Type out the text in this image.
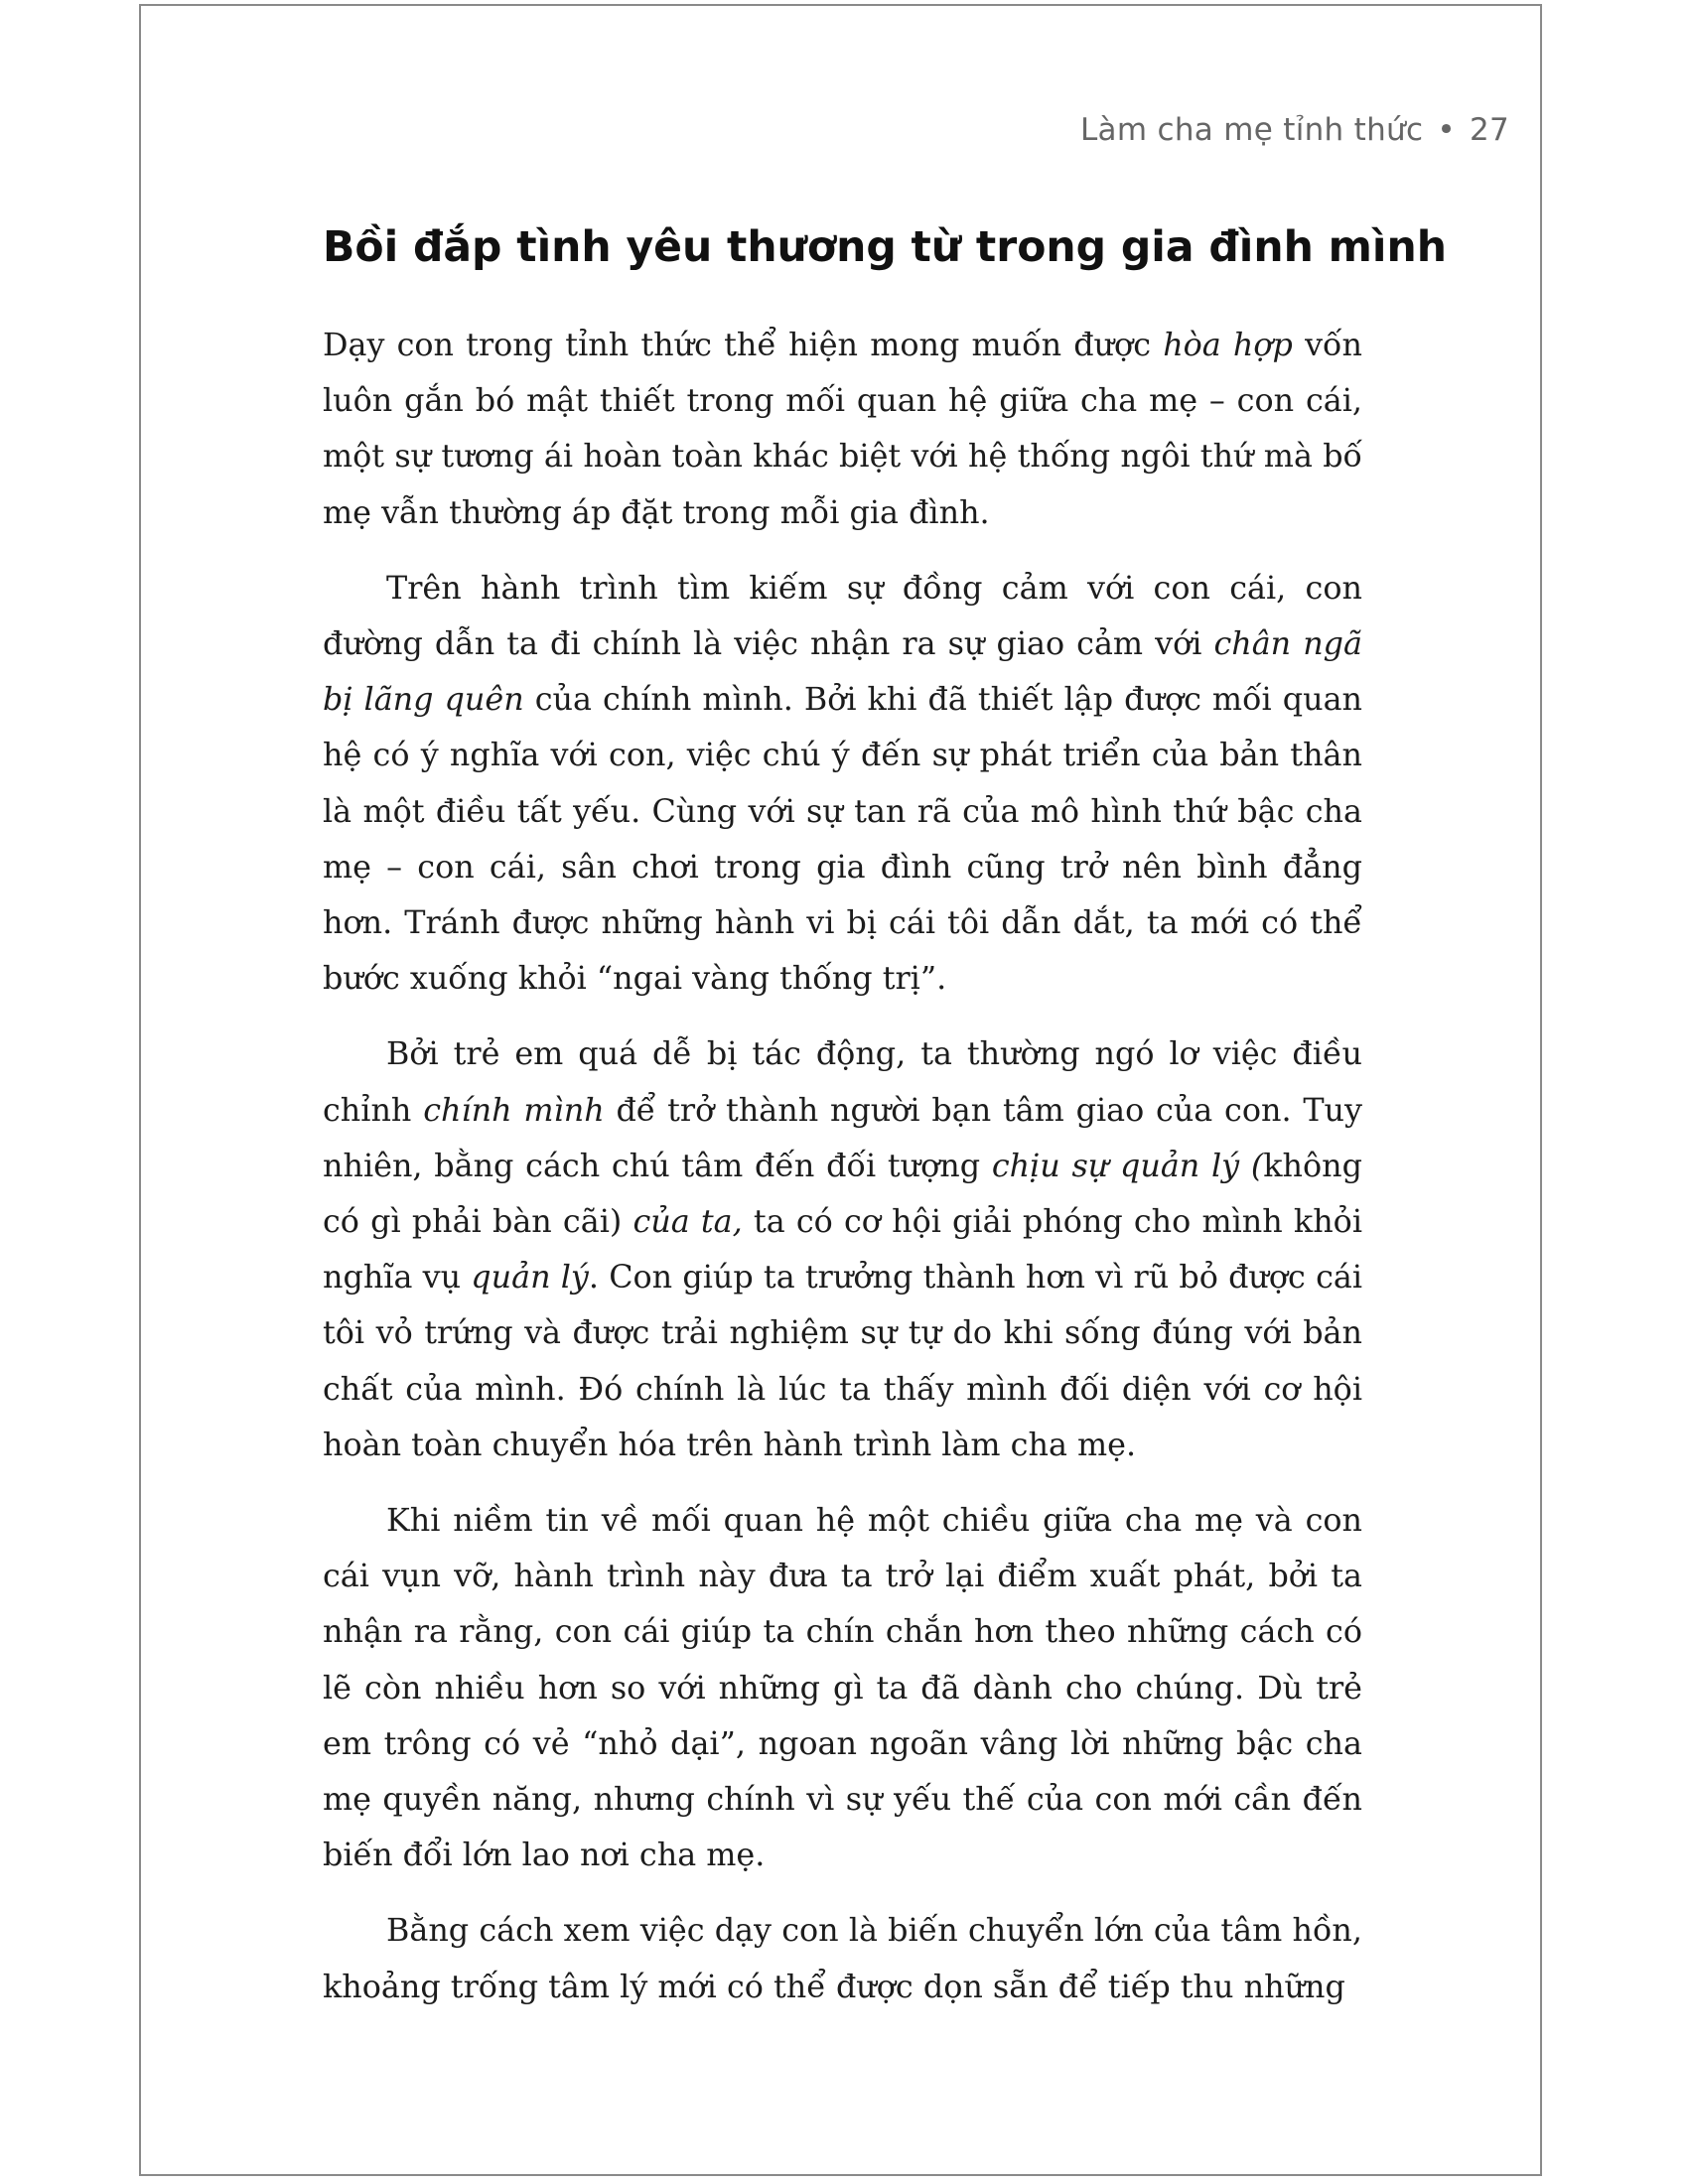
Làm cha mẹ tỉnh thức • 27
Bồi đắp tình yêu thương từ trong gia đình mình

Dạy con trong tỉnh thức thể hiện mong muốn được hòa hợp vốn luôn gắn bó mật thiết trong mối quan hệ giữa cha mẹ – con cái, một sự tương ái hoàn toàn khác biệt với hệ thống ngôi thứ mà bố mẹ vẫn thường áp đặt trong mỗi gia đình.

Trên hành trình tìm kiếm sự đồng cảm với con cái, con đường dẫn ta đi chính là việc nhận ra sự giao cảm với chân ngã bị lãng quên của chính mình. Bởi khi đã thiết lập được mối quan hệ có ý nghĩa với con, việc chú ý đến sự phát triển của bản thân là một điều tất yếu. Cùng với sự tan rã của mô hình thứ bậc cha mẹ – con cái, sân chơi trong gia đình cũng trở nên bình đẳng hơn. Tránh được những hành vi bị cái tôi dẫn dắt, ta mới có thể bước xuống khỏi “ngai vàng thống trị”.

Bởi trẻ em quá dễ bị tác động, ta thường ngó lơ việc điều chỉnh chính mình để trở thành người bạn tâm giao của con. Tuy nhiên, bằng cách chú tâm đến đối tượng chịu sự quản lý (không có gì phải bàn cãi) của ta, ta có cơ hội giải phóng cho mình khỏi nghĩa vụ quản lý. Con giúp ta trưởng thành hơn vì rũ bỏ được cái tôi vỏ trứng và được trải nghiệm sự tự do khi sống đúng với bản chất của mình. Đó chính là lúc ta thấy mình đối diện với cơ hội hoàn toàn chuyển hóa trên hành trình làm cha mẹ.

Khi niềm tin về mối quan hệ một chiều giữa cha mẹ và con cái vụn vỡ, hành trình này đưa ta trở lại điểm xuất phát, bởi ta nhận ra rằng, con cái giúp ta chín chắn hơn theo những cách có lẽ còn nhiều hơn so với những gì ta đã dành cho chúng. Dù trẻ em trông có vẻ “nhỏ dại”, ngoan ngoãn vâng lời những bậc cha mẹ quyền năng, nhưng chính vì sự yếu thế của con mới cần đến biến đổi lớn lao nơi cha mẹ.

Bằng cách xem việc dạy con là biến chuyển lớn của tâm hồn, khoảng trống tâm lý mới có thể được dọn sẵn để tiếp thu những
